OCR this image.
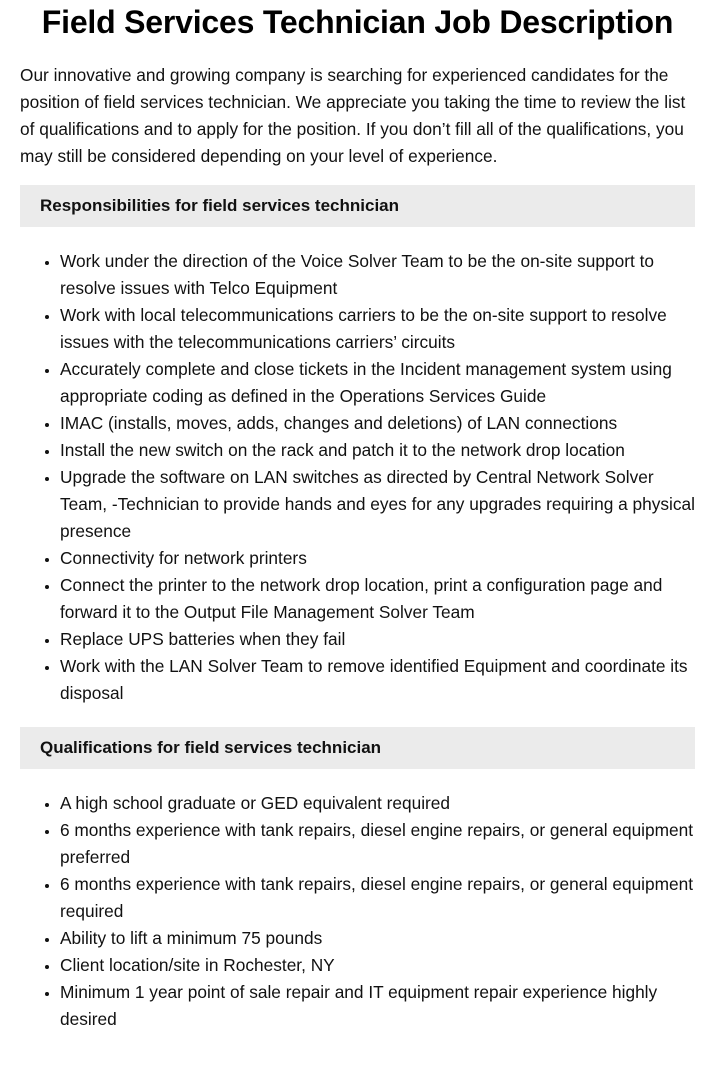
Field Services Technician Job Description

Our innovative and growing company is searching for experienced candidates for the position of field services technician. We appreciate you taking the time to review the list of qualifications and to apply for the position. If you don’t fill all of the qualifications, you may still be considered depending on your level of experience.

Responsibilities for field services technician
• Work under the direction of the Voice Solver Team to be the on-site support to resolve issues with Telco Equipment
• Work with local telecommunications carriers to be the on-site support to resolve issues with the telecommunications carriers’ circuits
• Accurately complete and close tickets in the Incident management system using appropriate coding as defined in the Operations Services Guide
• IMAC (installs, moves, adds, changes and deletions) of LAN connections
• Install the new switch on the rack and patch it to the network drop location
• Upgrade the software on LAN switches as directed by Central Network Solver Team, -Technician to provide hands and eyes for any upgrades requiring a physical presence
• Connectivity for network printers
• Connect the printer to the network drop location, print a configuration page and forward it to the Output File Management Solver Team
• Replace UPS batteries when they fail
• Work with the LAN Solver Team to remove identified Equipment and coordinate its disposal
Qualifications for field services technician
• A high school graduate or GED equivalent required
• 6 months experience with tank repairs, diesel engine repairs, or general equipment preferred
• 6 months experience with tank repairs, diesel engine repairs, or general equipment required
• Ability to lift a minimum 75 pounds
• Client location/site in Rochester, NY
• Minimum 1 year point of sale repair and IT equipment repair experience highly desired
